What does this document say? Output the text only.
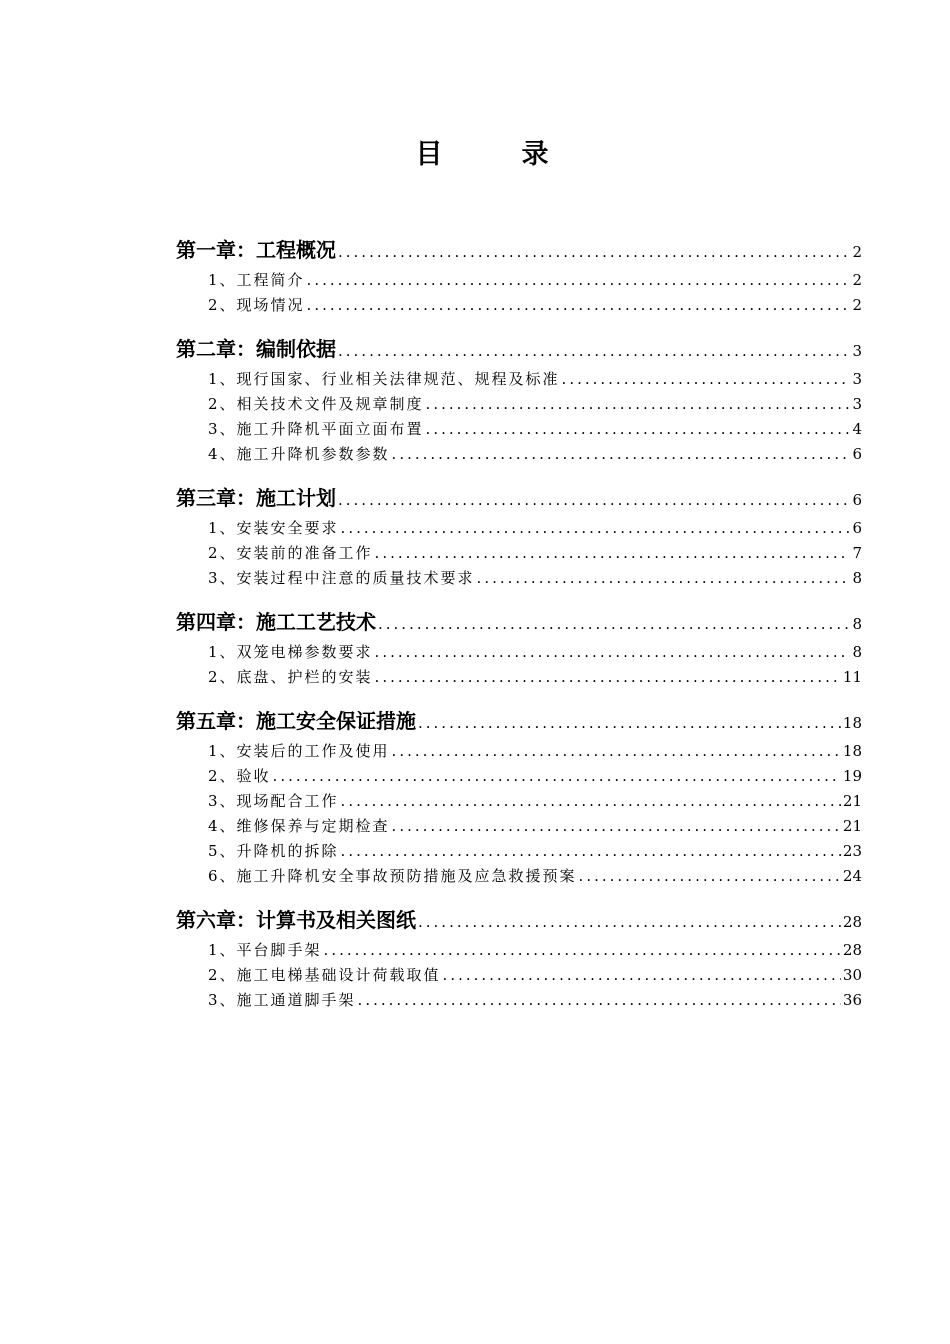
目　录
第一章：工程概况 .....	2
1、工程简介 .....	2
2、现场情况 .....	2
第二章：编制依据 .....	3
1、现行国家、行业相关法律规范、规程及标准 .....	3
2、相关技术文件及规章制度 .....	3
3、施工升降机平面立面布置 .....	4
4、施工升降机参数参数 .....	6
第三章：施工计划 .....	6
1、安装安全要求 .....	6
2、安装前的准备工作 .....	7
3、安装过程中注意的质量技术要求 .....	8
第四章：施工工艺技术 .....	8
1、双笼电梯参数要求 .....	8
2、底盘、护栏的安装 .....	11
第五章：施工安全保证措施 .....	18
1、安装后的工作及使用 .....	18
2、验收 .....	19
3、现场配合工作 .....	21
4、维修保养与定期检查 .....	21
5、升降机的拆除 .....	23
6、施工升降机安全事故预防措施及应急救援预案 .....	24
第六章：计算书及相关图纸 .....	28
1、平台脚手架 .....	28
2、施工电梯基础设计荷载取值 .....	30
3、施工通道脚手架 .....	36
